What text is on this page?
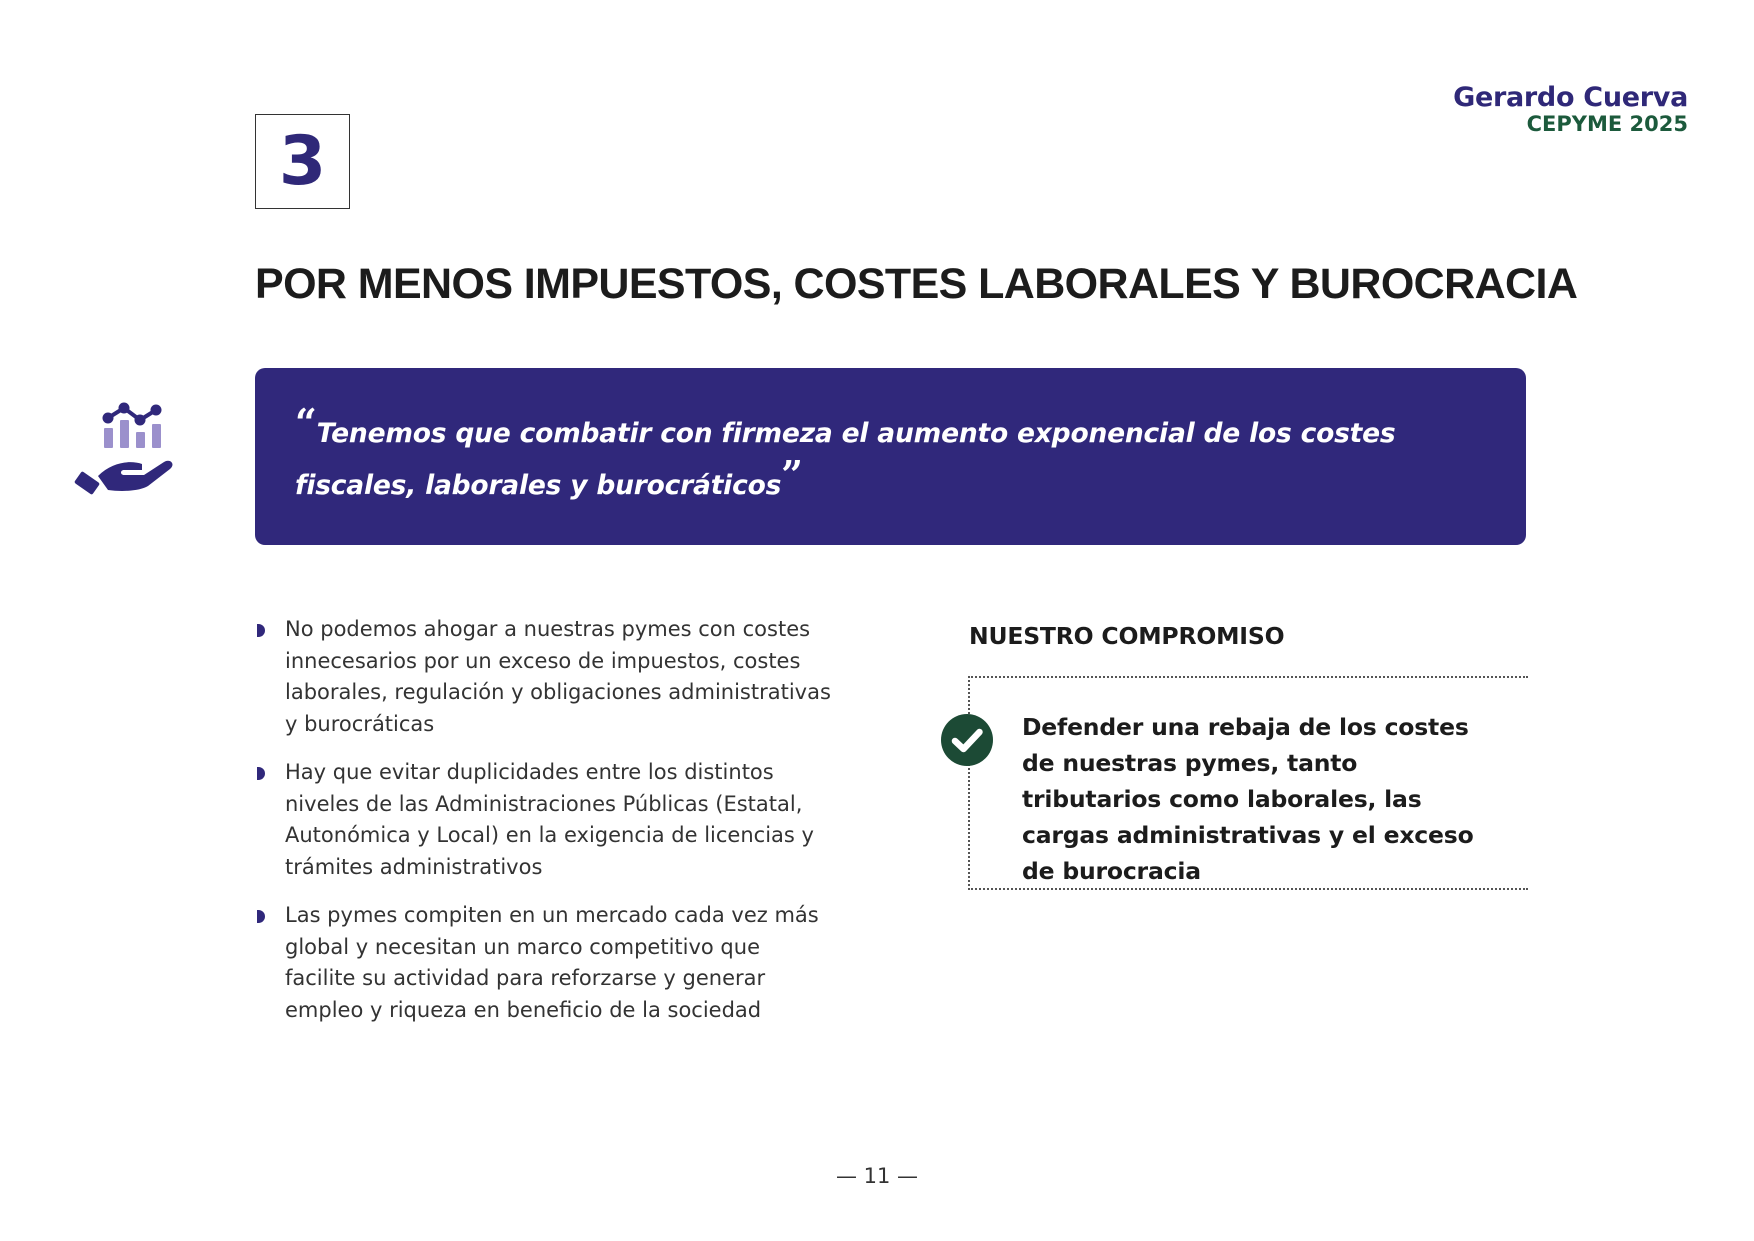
Gerardo Cuerva
CEPYME 2025
3
POR MENOS IMPUESTOS, COSTES LABORALES Y BUROCRACIA

“Tenemos que combatir con firmeza el aumento exponencial de los costes fiscales, laborales y burocráticos”

No podemos ahogar a nuestras pymes con costes innecesarios por un exceso de impuestos, costes laborales, regulación y obligaciones administrativas y burocráticas
Hay que evitar duplicidades entre los distintos niveles de las Administraciones Públicas (Estatal, Autonómica y Local) en la exigencia de licencias y trámites administrativos
Las pymes compiten en un mercado cada vez más global y necesitan un marco competitivo que facilite su actividad para reforzarse y generar empleo y riqueza en beneficio de la sociedad
NUESTRO COMPROMISO

Defender una rebaja de los costes de nuestras pymes, tanto tributarios como laborales, las cargas administrativas y el exceso de burocracia

— 11 —
